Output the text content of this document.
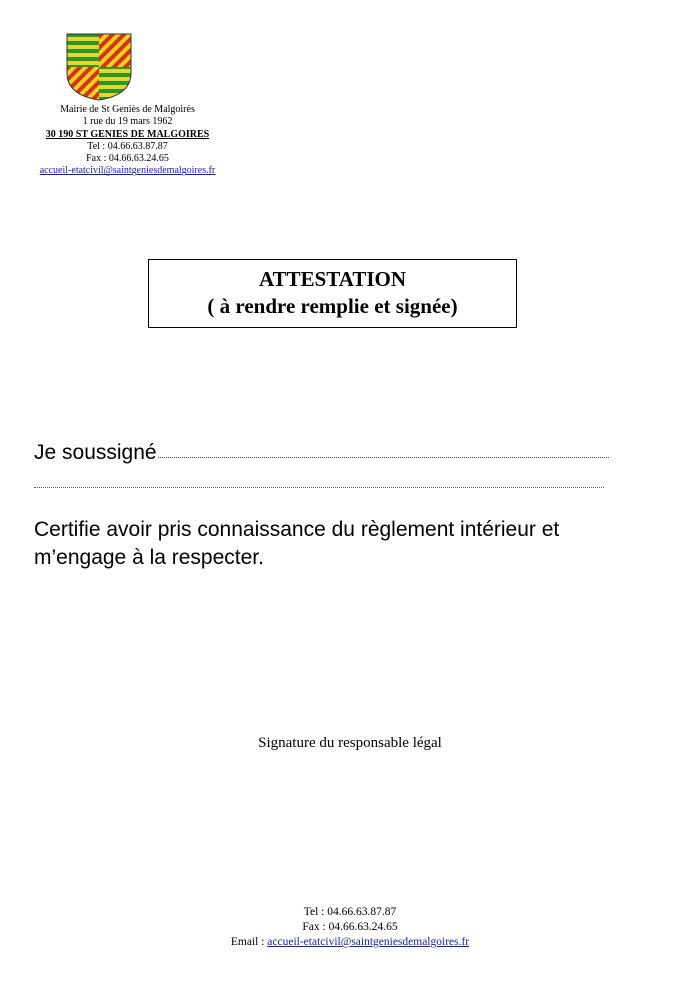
Mairie de St Geniès de Malgoirès
1 rue du 19 mars 1962
30 190 ST GENIES DE MALGOIRES
Tel : 04.66.63.87.87
Fax : 04.66.63.24.65
accueil-etatcivil@saintgeniesdemalgoires.fr
ATTESTATION
( à rendre remplie et signée)
Je soussigné
Certifie avoir pris connaissance du règlement intérieur et
m’engage à la respecter.
Signature du responsable légal
Tel : 04.66.63.87.87
Fax : 04.66.63.24.65
Email : accueil-etatcivil@saintgeniesdemalgoires.fr
